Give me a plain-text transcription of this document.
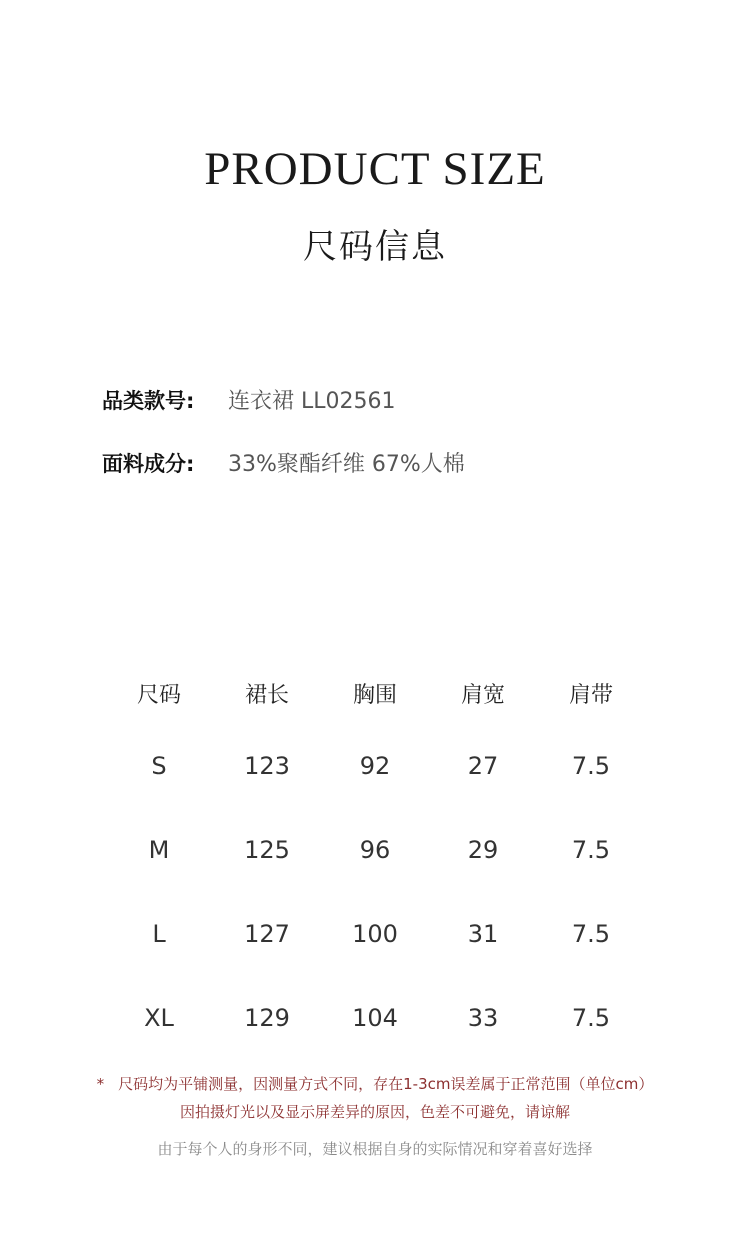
PRODUCT SIZE
尺码信息
品类款号: 连衣裙 LL02561
面料成分: 33%聚酯纤维 67%人棉
尺码	裙长	胸围	肩宽	肩带
S	123	92	27	7.5
M	125	96	29	7.5
L	127	100	31	7.5
XL	129	104	33	7.5
* 尺码均为平铺测量，因测量方式不同，存在1-3cm误差属于正常范围（单位cm）
因拍摄灯光以及显示屏差异的原因，色差不可避免，请谅解
由于每个人的身形不同，建议根据自身的实际情况和穿着喜好选择
